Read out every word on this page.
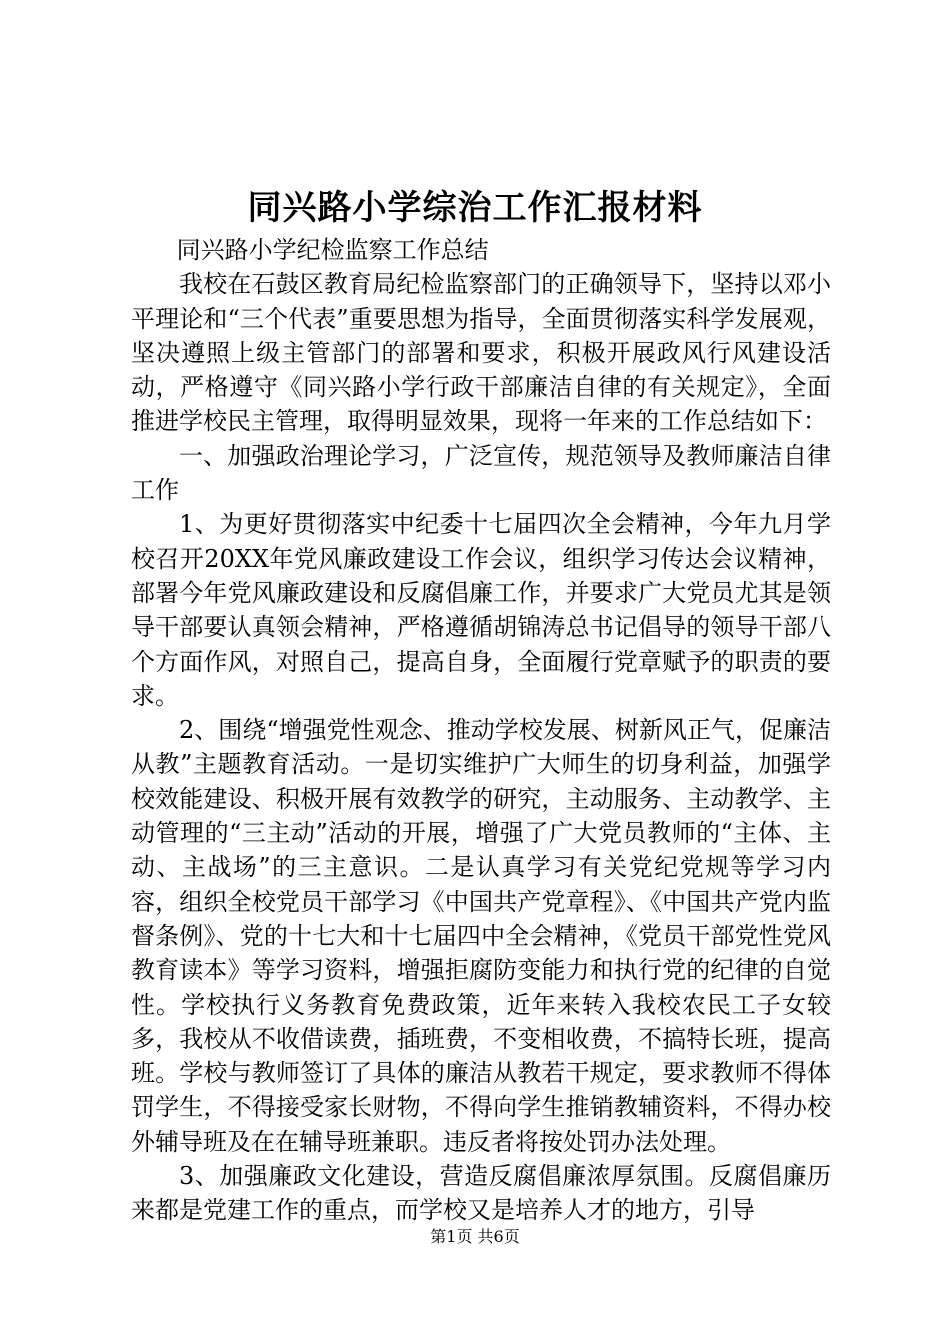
同兴路小学综治工作汇报材料

同兴路小学纪检监察工作总结

我校在石鼓区教育局纪检监察部门的正确领导下，坚持以邓小平理论和“三个代表”重要思想为指导，全面贯彻落实科学发展观，坚决遵照上级主管部门的部署和要求，积极开展政风行风建设活动，严格遵守《同兴路小学行政干部廉洁自律的有关规定》，全面推进学校民主管理，取得明显效果，现将一年来的工作总结如下：

一、加强政治理论学习，广泛宣传，规范领导及教师廉洁自律工作

1、为更好贯彻落实中纪委十七届四次全会精神，今年九月学校召开20XX年党风廉政建设工作会议，组织学习传达会议精神，部署今年党风廉政建设和反腐倡廉工作，并要求广大党员尤其是领导干部要认真领会精神，严格遵循胡锦涛总书记倡导的领导干部八个方面作风，对照自己，提高自身，全面履行党章赋予的职责的要求。

2、围绕“增强党性观念、推动学校发展、树新风正气，促廉洁从教”主题教育活动。一是切实维护广大师生的切身利益，加强学校效能建设、积极开展有效教学的研究，主动服务、主动教学、主动管理的“三主动”活动的开展，增强了广大党员教师的“主体、主动、主战场”的三主意识。二是认真学习有关党纪党规等学习内容，组织全校党员干部学习《中国共产党章程》、《中国共产党内监督条例》、党的十七大和十七届四中全会精神，《党员干部党性党风教育读本》等学习资料，增强拒腐防变能力和执行党的纪律的自觉性。学校执行义务教育免费政策，近年来转入我校农民工子女较多，我校从不收借读费，插班费，不变相收费，不搞特长班，提高班。学校与教师签订了具体的廉洁从教若干规定，要求教师不得体罚学生，不得接受家长财物，不得向学生推销教辅资料，不得办校外辅导班及在在辅导班兼职。违反者将按处罚办法处理。

3、加强廉政文化建设，营造反腐倡廉浓厚氛围。反腐倡廉历来都是党建工作的重点，而学校又是培养人才的地方，引导

第1页 共6页
